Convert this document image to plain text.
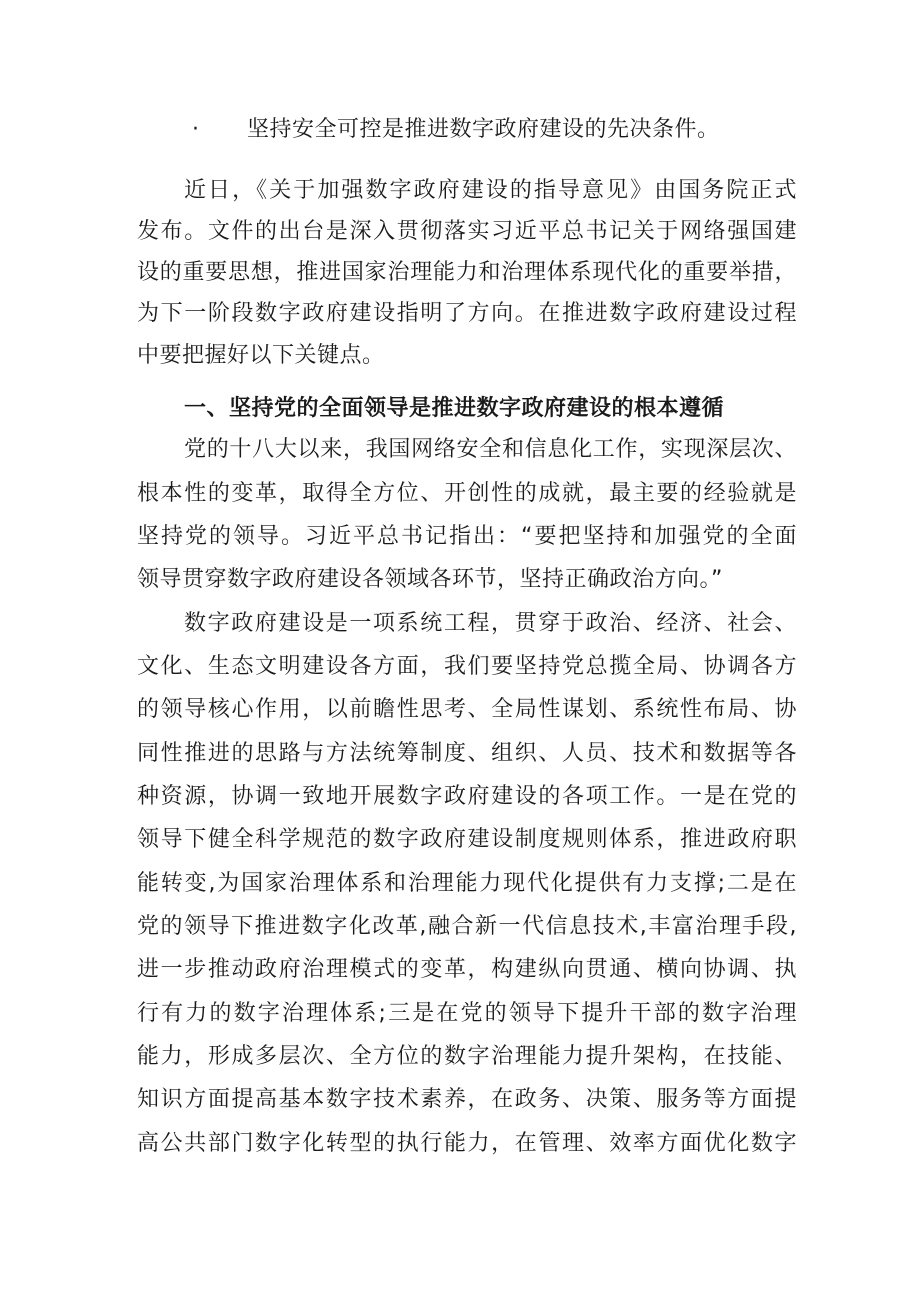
· 坚持安全可控是推进数字政府建设的先决条件。
近日，《关于加强数字政府建设的指导意见》由国务院正式
发布。文件的出台是深入贯彻落实习近平总书记关于网络强国建
设的重要思想，推进国家治理能力和治理体系现代化的重要举措，
为下一阶段数字政府建设指明了方向。在推进数字政府建设过程
中要把握好以下关键点。
一、坚持党的全面领导是推进数字政府建设的根本遵循
党的十八大以来，我国网络安全和信息化工作，实现深层次、
根本性的变革，取得全方位、开创性的成就，最主要的经验就是
坚持党的领导。习近平总书记指出：“要把坚持和加强党的全面
领导贯穿数字政府建设各领域各环节，坚持正确政治方向。”
数字政府建设是一项系统工程，贯穿于政治、经济、社会、
文化、生态文明建设各方面，我们要坚持党总揽全局、协调各方
的领导核心作用，以前瞻性思考、全局性谋划、系统性布局、协
同性推进的思路与方法统筹制度、组织、人员、技术和数据等各
种资源，协调一致地开展数字政府建设的各项工作。一是在党的
领导下健全科学规范的数字政府建设制度规则体系，推进政府职
能转变,为国家治理体系和治理能力现代化提供有力支撑;二是在
党的领导下推进数字化改革,融合新一代信息技术,丰富治理手段,
进一步推动政府治理模式的变革，构建纵向贯通、横向协调、执
行有力的数字治理体系;三是在党的领导下提升干部的数字治理
能力，形成多层次、全方位的数字治理能力提升架构，在技能、
知识方面提高基本数字技术素养，在政务、决策、服务等方面提
高公共部门数字化转型的执行能力，在管理、效率方面优化数字
